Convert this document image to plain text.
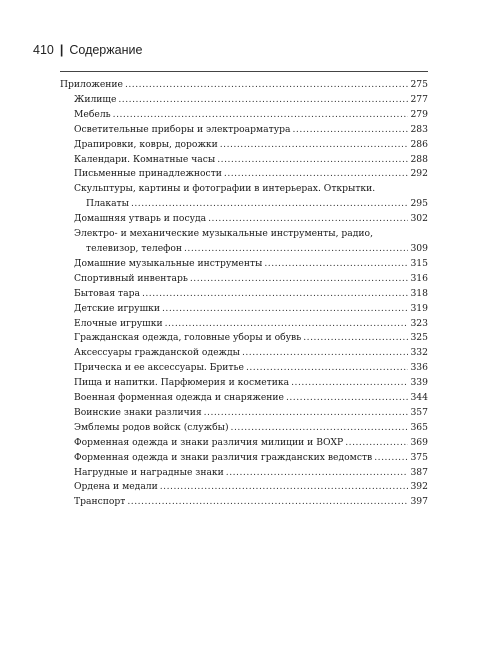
410 | Содержание
Приложение .....	275
Жилище .....	277
Мебель .....	279
Осветительные приборы и электроарматура .....	283
Драпировки, ковры, дорожки .....	286
Календари. Комнатные часы .....	288
Письменные принадлежности .....	292
Скульптуры, картины и фотографии в интерьерах. Открытки.
Плакаты .....	295
Домашняя утварь и посуда .....	302
Электро- и механические музыкальные инструменты, радио,
телевизор, телефон .....	309
Домашние музыкальные инструменты .....	315
Спортивный инвентарь .....	316
Бытовая тара .....	318
Детские игрушки .....	319
Елочные игрушки .....	323
Гражданская одежда, головные уборы и обувь .....	325
Аксессуары гражданской одежды .....	332
Прическа и ее аксессуары. Бритье .....	336
Пища и напитки. Парфюмерия и косметика .....	339
Военная форменная одежда и снаряжение .....	344
Воинские знаки различия .....	357
Эмблемы родов войск (службы) .....	365
Форменная одежда и знаки различия милиции и ВОХР .....	369
Форменная одежда и знаки различия гражданских ведомств .....	375
Нагрудные и наградные знаки .....	387
Ордена и медали .....	392
Транспорт .....	397
